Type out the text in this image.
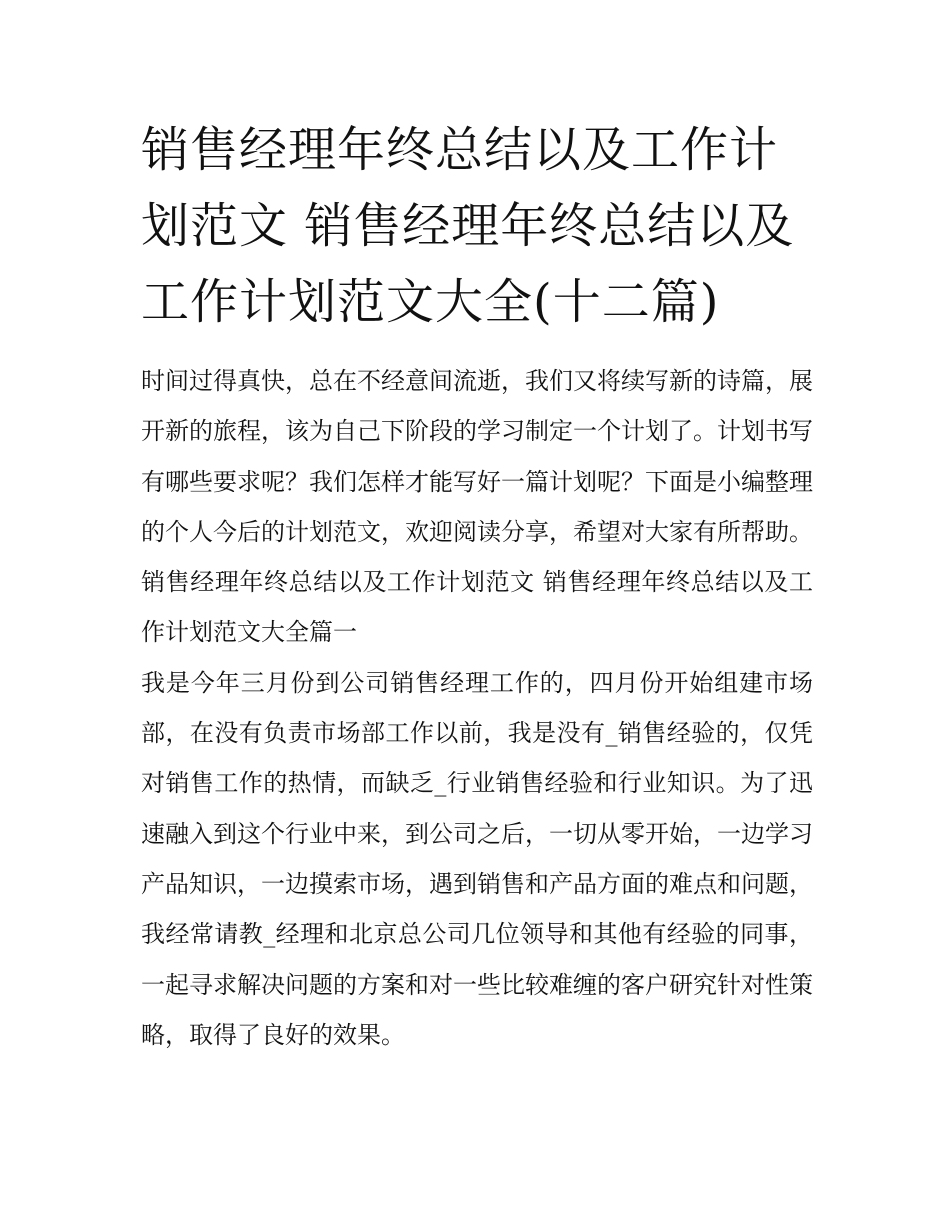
销售经理年终总结以及工作计划范文 销售经理年终总结以及工作计划范文大全(十二篇)

时间过得真快，总在不经意间流逝，我们又将续写新的诗篇，展开新的旅程，该为自己下阶段的学习制定一个计划了。计划书写有哪些要求呢？我们怎样才能写好一篇计划呢？下面是小编整理的个人今后的计划范文，欢迎阅读分享，希望对大家有所帮助。

销售经理年终总结以及工作计划范文 销售经理年终总结以及工作计划范文大全篇一

我是今年三月份到公司销售经理工作的，四月份开始组建市场部，在没有负责市场部工作以前，我是没有_销售经验的，仅凭对销售工作的热情，而缺乏_行业销售经验和行业知识。为了迅速融入到这个行业中来，到公司之后，一切从零开始，一边学习产品知识，一边摸索市场，遇到销售和产品方面的难点和问题，我经常请教_经理和北京总公司几位领导和其他有经验的同事，一起寻求解决问题的方案和对一些比较难缠的客户研究针对性策略，取得了良好的效果。
